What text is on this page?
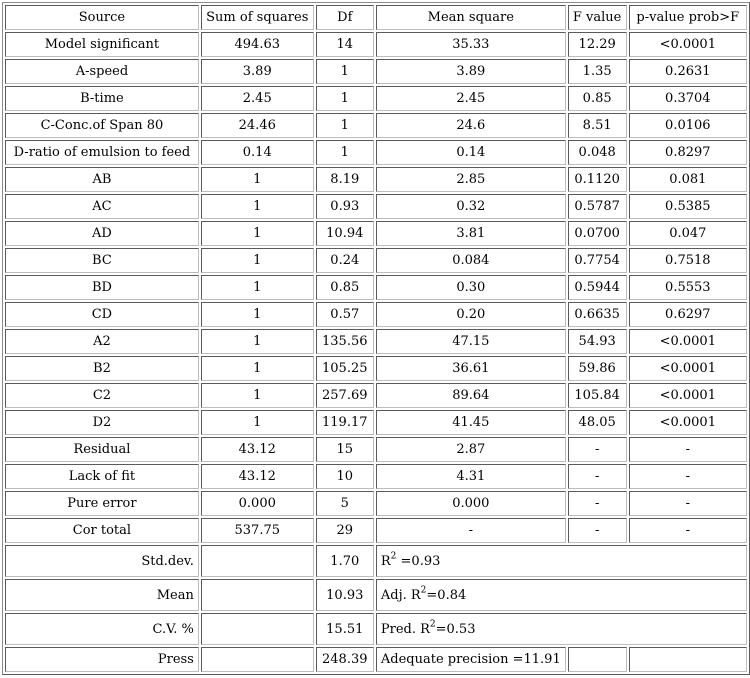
Source	Sum of squares	Df	Mean square	F value	p-value prob>F
Model significant	494.63	14	35.33	12.29	<0.0001
A-speed	3.89	1	3.89	1.35	0.2631
B-time	2.45	1	2.45	0.85	0.3704
C-Conc.of Span 80	24.46	1	24.6	8.51	0.0106
D-ratio of emulsion to feed	0.14	1	0.14	0.048	0.8297
AB	1	8.19	2.85	0.1120	0.081
AC	1	0.93	0.32	0.5787	0.5385
AD	1	10.94	3.81	0.0700	0.047
BC	1	0.24	0.084	0.7754	0.7518
BD	1	0.85	0.30	0.5944	0.5553
CD	1	0.57	0.20	0.6635	0.6297
A2	1	135.56	47.15	54.93	<0.0001
B2	1	105.25	36.61	59.86	<0.0001
C2	1	257.69	89.64	105.84	<0.0001
D2	1	119.17	41.45	48.05	<0.0001
Residual	43.12	15	2.87	-	-
Lack of fit	43.12	10	4.31	-	-
Pure error	0.000	5	0.000	-	-
Cor total	537.75	29	-	-	-
Std.dev.		1.70	$R^2 =0.93$		
Mean		10.93	Adj. $R^2=0.84$		
C.V. %		15.51	Pred. $R^2=0.53$		
Press		248.39	Adequate precision =11.91		
